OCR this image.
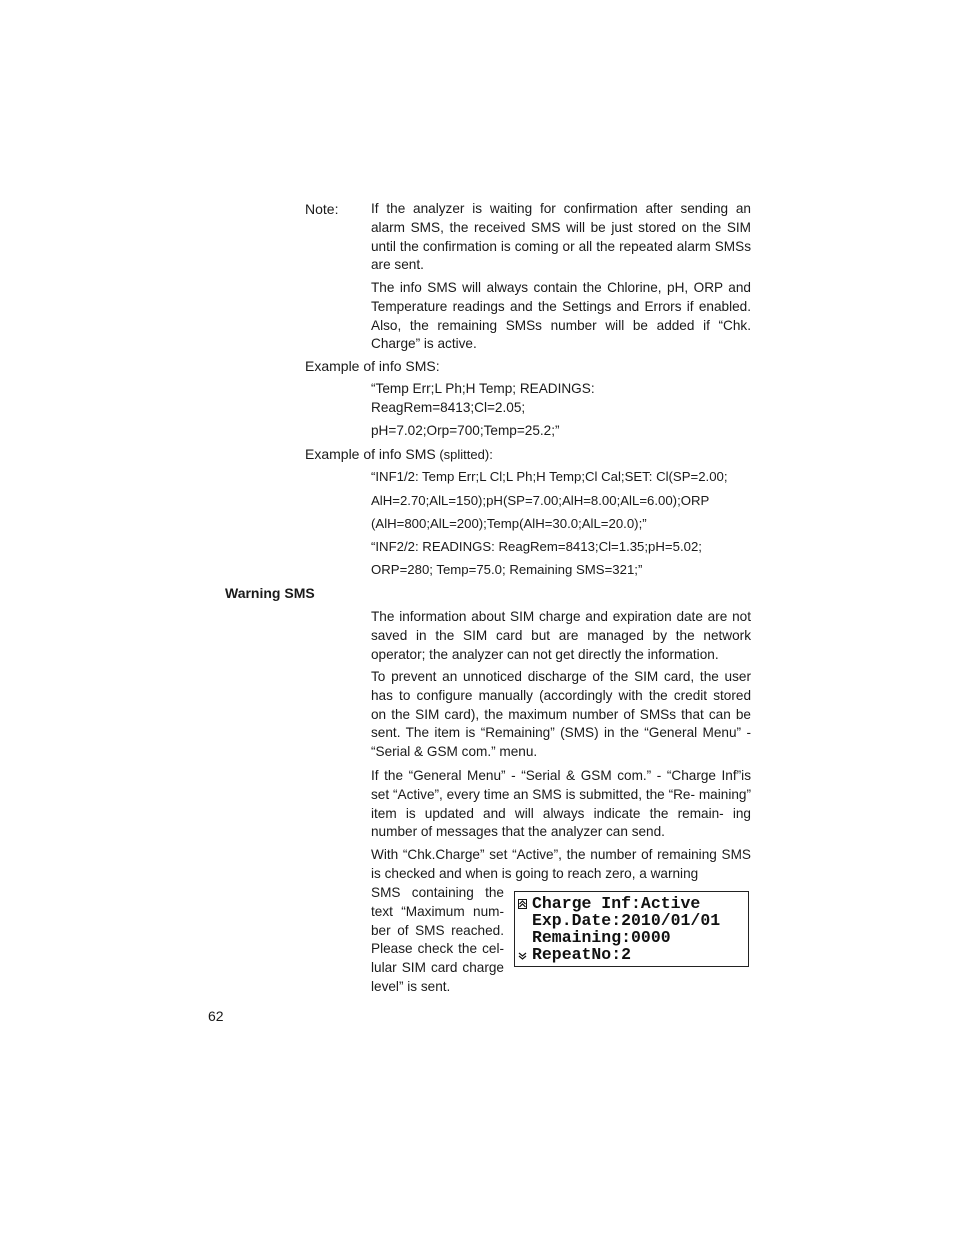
Note: If the analyzer is waiting for confirmation after sending an alarm SMS, the received SMS will be just stored on the SIM until the confirmation is coming or all the repeated alarm SMSs are sent.
The info SMS will always contain the Chlorine, pH, ORP and Temperature readings and the Settings and Errors if enabled. Also, the remaining SMSs number will be added if “Chk. Charge” is active.
Example of info SMS:
“Temp Err;L Ph;H Temp; READINGS:
ReagRem=8413;Cl=2.05;
pH=7.02;Orp=700;Temp=25.2;”
Example of info SMS (splitted):
“INF1/2: Temp Err;L Cl;L Ph;H Temp;Cl Cal;SET: Cl(SP=2.00;
AlH=2.70;AlL=150);pH(SP=7.00;AlH=8.00;AlL=6.00);ORP
(AlH=800;AlL=200);Temp(AlH=30.0;AlL=20.0);”
“INF2/2: READINGS: ReagRem=8413;Cl=1.35;pH=5.02;
ORP=280; Temp=75.0; Remaining SMS=321;”
Warning SMS
The information about SIM charge and expiration date are not saved in the SIM card but are managed by the network operator; the analyzer can not get directly the information.
To prevent an unnoticed discharge of the SIM card, the user has to configure manually (accordingly with the credit stored on the SIM card), the maximum number of SMSs that can be sent. The item is “Remaining” (SMS) in the “General Menu” - “Serial & GSM com.” menu.
If the “General Menu” - “Serial & GSM com.” - “Charge Inf”is set “Active”, every time an SMS is submitted, the “Re- maining” item is updated and will always indicate the remain- ing number of messages that the analyzer can send.
With “Chk.Charge” set “Active”, the number of remaining SMS is checked and when is going to reach zero, a warning
SMS containing the text “Maximum num- ber of SMS reached. Please check the cel- lular SIM card charge level” is sent.
Charge Inf:Active
Exp.Date:2010/01/01
Remaining:0000
RepeatNo:2
62
